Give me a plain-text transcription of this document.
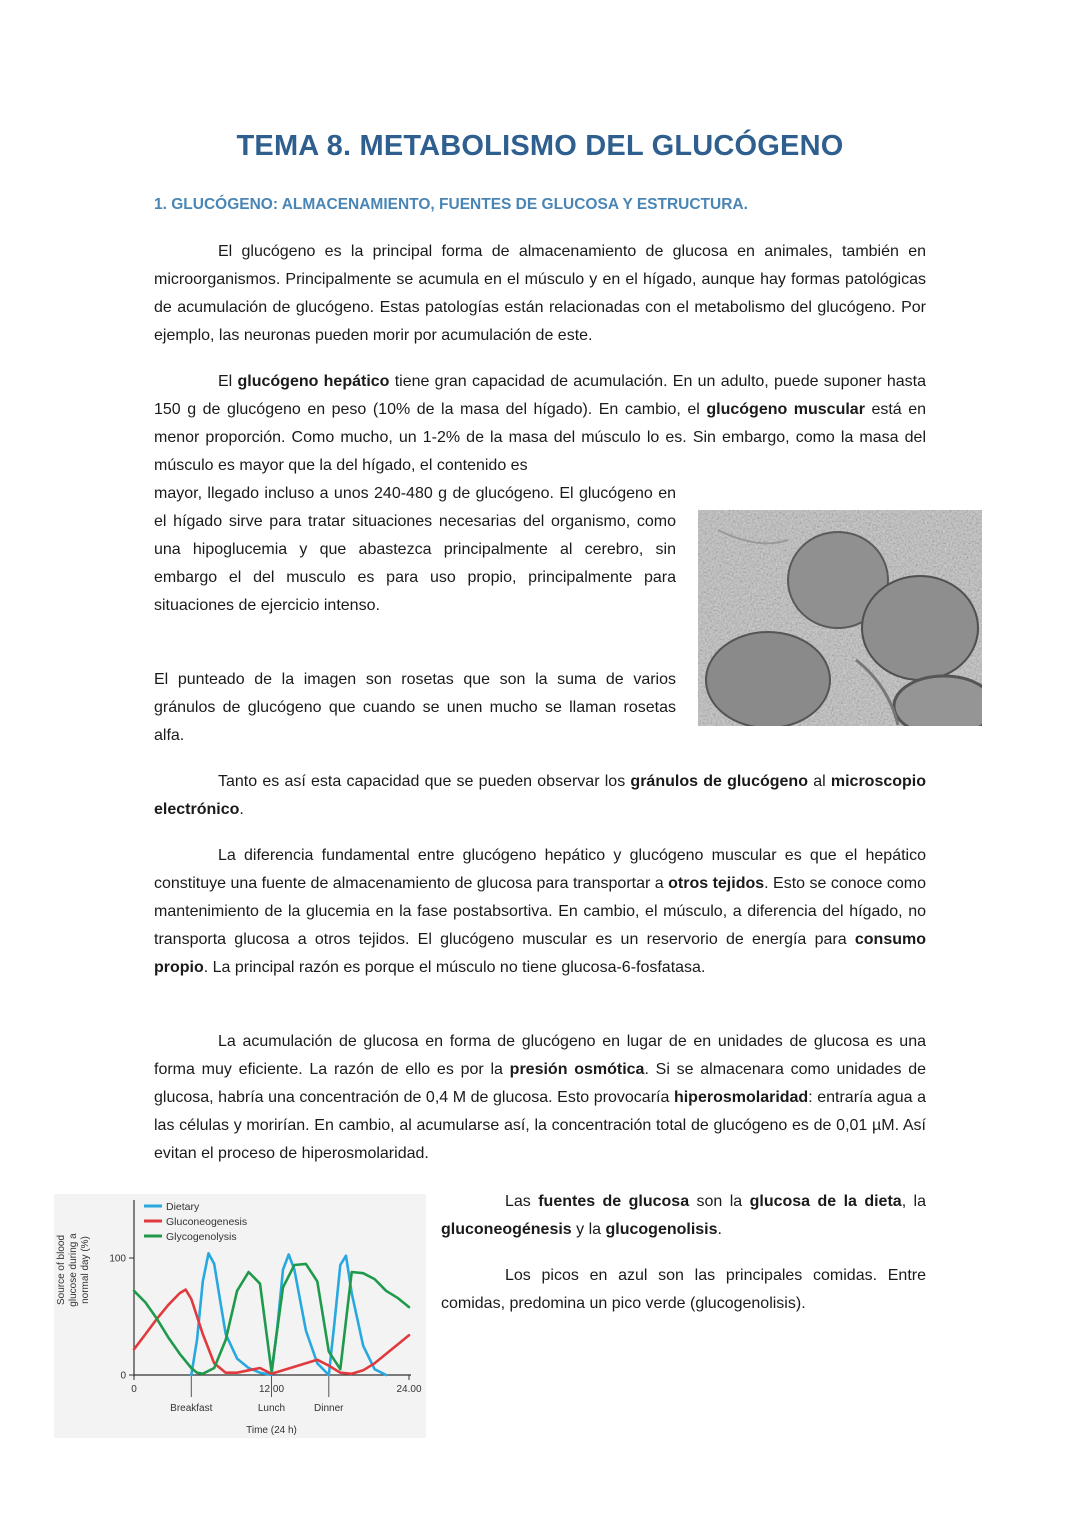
TEMA 8. METABOLISMO DEL GLUCÓGENO
1. GLUCÓGENO: ALMACENAMIENTO, FUENTES DE GLUCOSA Y ESTRUCTURA.

El glucógeno es la principal forma de almacenamiento de glucosa en animales, también en microorganismos. Principalmente se acumula en el músculo y en el hígado, aunque hay formas patológicas de acumulación de glucógeno. Estas patologías están relacionadas con el metabolismo del glucógeno. Por ejemplo, las neuronas pueden morir por acumulación de este.

El glucógeno hepático tiene gran capacidad de acumulación. En un adulto, puede suponer hasta 150 g de glucógeno en peso (10% de la masa del hígado). En cambio, el glucógeno muscular está en menor proporción. Como mucho, un 1-2% de la masa del músculo lo es. Sin embargo, como la masa del músculo es mayor que la del hígado, el contenido es

mayor, llegado incluso a unos 240-480 g de glucógeno. El glucógeno en el hígado sirve para tratar situaciones necesarias del organismo, como una hipoglucemia y que abastezca principalmente al cerebro, sin embargo el del musculo es para uso propio, principalmente para situaciones de ejercicio intenso.

El punteado de la imagen son rosetas que son la suma de varios gránulos de glucógeno que cuando se unen mucho se llaman rosetas alfa.

Tanto es así esta capacidad que se pueden observar los gránulos de glucógeno al microscopio electrónico.

La diferencia fundamental entre glucógeno hepático y glucógeno muscular es que el hepático constituye una fuente de almacenamiento de glucosa para transportar a otros tejidos. Esto se conoce como mantenimiento de la glucemia en la fase postabsortiva. En cambio, el músculo, a diferencia del hígado, no transporta glucosa a otros tejidos. El glucógeno muscular es un reservorio de energía para consumo propio. La principal razón es porque el músculo no tiene glucosa-6-fosfatasa.

La acumulación de glucosa en forma de glucógeno en lugar de en unidades de glucosa es una forma muy eficiente. La razón de ello es por la presión osmótica. Si se almacenara como unidades de glucosa, habría una concentración de 0,4 M de glucosa. Esto provocaría hiperosmolaridad: entraría agua a las células y morirían. En cambio, al acumularse así, la concentración total de glucógeno es de 0,01 µM. Así evitan el proceso de hiperosmolaridad.

0
100
0	12.00	24.00
Breakfast	Lunch	Dinner
Time (24 h)
Source of blood glucose during a normal day (%)
Dietary
Gluconeogenesis
Glycogenolysis

Las fuentes de glucosa son la glucosa de la dieta, la gluconeogénesis y la glucogenolisis.

Los picos en azul son las principales comidas. Entre comidas, predomina un pico verde (glucogenolisis).
